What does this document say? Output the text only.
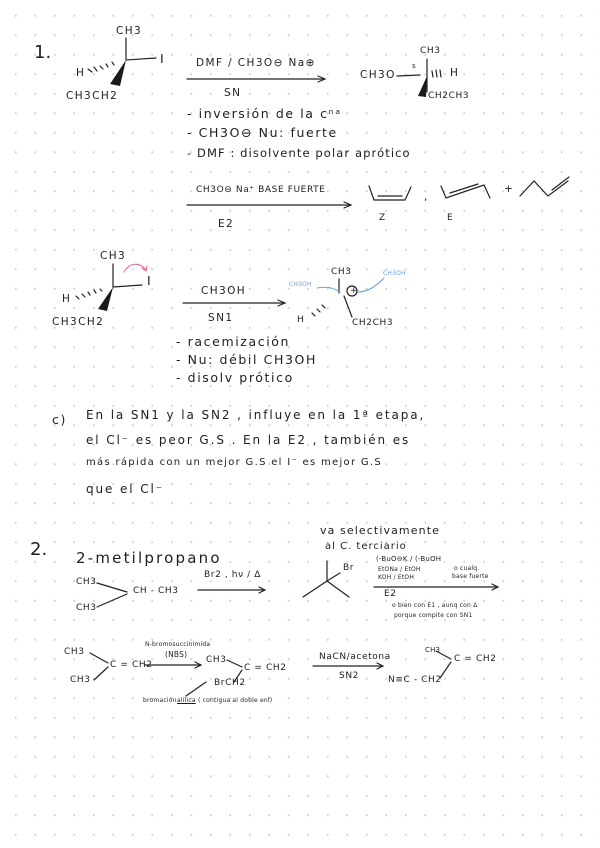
1.
CH3
I
H
CH3CH2
DMF / CH3O⊖ Na⊕
SN
CH3
s
CH3O	H
CH2CH3
- inversión de la cⁿᵃ
- CH3O⊖ Nu: fuerte
- DMF : disolvente polar aprótico
CH3O⊖ Na⁺ BASE FUERTE
E2
,
+
Z	E
CH3
I
H
CH3CH2
CH3OH
SN1
CH3
H	CH2CH3
+
CH3OH
CH3OH
- racemización
- Nu: débil CH3OH
- disolv prótico
c) En la SN1 y la SN2 , influye en la 1ª etapa,
el Cl⁻ es peor G.S . En la E2 , también es
más rápida con un mejor G.S el I⁻ es mejor G.S
que el Cl⁻
2. 2-metilpropano
CH3
CH - CH3
CH3
Br2 , hν / Δ
va selectivamente
al C. terciario
Br
(-BuO⊖K / (-BuOH
EtONa / EtOH
KOH / EtOH
o cualq.
base fuerte
E2
o bien con E1 , aunq con Δ
porque compite con SN1
CH3
C = CH2
CH3
N-bromosuccinimida
(NBS)
CH3
C = CH2
BrCH2
bromación alílica ( contigua al doble enl)
NaCN/acetona
SN2
CH3
C = CH2
N≡C - CH2
